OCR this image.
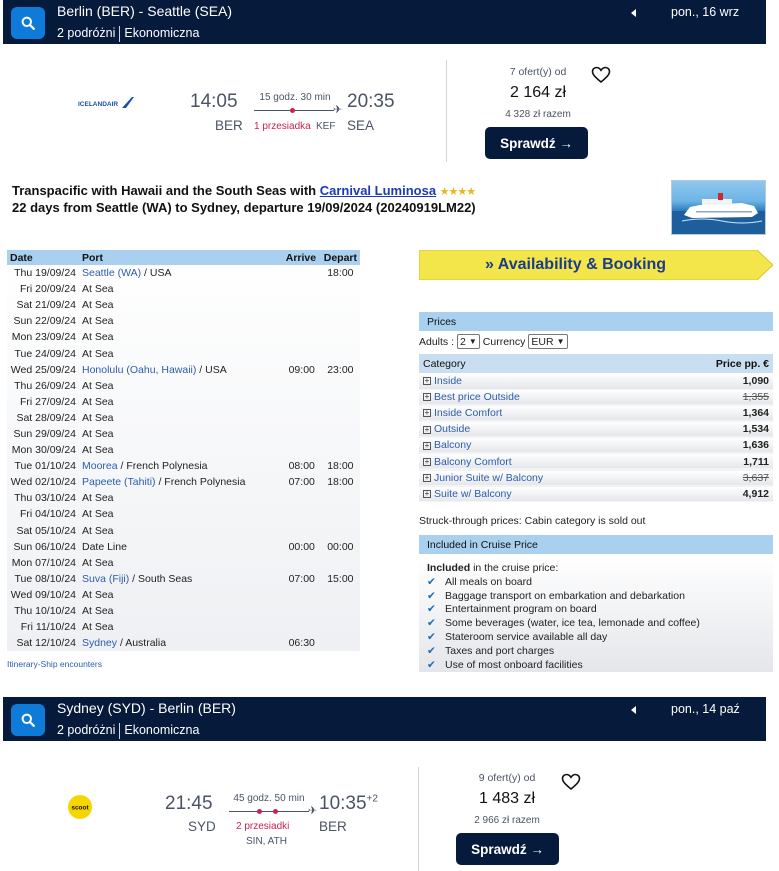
Berlin (BER) - Seattle (SEA)
2 podróżni Ekonomiczna
pon., 16 wrz
ICELANDAIR	14:05
BER
15 godz. 30 min
✈
1 przesiadka KEF
20:35
SEA
7 ofert(y) od
2 164 zł
4 328 zł razem
Sprawdź →
Transpacific with Hawaii and the South Seas with Carnival Luminosa ★★★★
22 days from Seattle (WA) to Sydney, departure 19/09/2024 (20240919LM22)
Date	Port	Arrive	Depart
Thu 19/09/24	Seattle (WA) / USA		18:00
Fri 20/09/24	At Sea		
Sat 21/09/24	At Sea		
Sun 22/09/24	At Sea		
Mon 23/09/24	At Sea		
Tue 24/09/24	At Sea		
Wed 25/09/24	Honolulu (Oahu, Hawaii) / USA	09:00	23:00
Thu 26/09/24	At Sea		
Fri 27/09/24	At Sea		
Sat 28/09/24	At Sea		
Sun 29/09/24	At Sea		
Mon 30/09/24	At Sea		
Tue 01/10/24	Moorea / French Polynesia	08:00	18:00
Wed 02/10/24	Papeete (Tahiti) / French Polynesia	07:00	18:00
Thu 03/10/24	At Sea		
Fri 04/10/24	At Sea		
Sat 05/10/24	At Sea		
Sun 06/10/24	Date Line	00:00	00:00
Mon 07/10/24	At Sea		
Tue 08/10/24	Suva (Fiji) / South Seas	07:00	15:00
Wed 09/10/24	At Sea		
Thu 10/10/24	At Sea		
Fri 11/10/24	At Sea		
Sat 12/10/24	Sydney / Australia	06:30	
Itinerary-Ship encounters
» Availability & Booking
Prices
Adults : 2 ▼ Currency EUR ▼
Category	Price pp. €
+ Inside	1,090
+ Best price Outside	1,355
+ Inside Comfort	1,364
+ Outside	1,534
+ Balcony	1,636
+ Balcony Comfort	1,711
+ Junior Suite w/ Balcony	3,637
+ Suite w/ Balcony	4,912
Struck-through prices: Cabin category is sold out
Included in Cruise Price
Included in the cruise price:
✔ All meals on board
✔ Baggage transport on embarkation and debarkation
✔ Entertainment program on board
✔ Some beverages (water, ice tea, lemonade and coffee)
✔ Stateroom service available all day
✔ Taxes and port charges
✔ Use of most onboard facilities
Sydney (SYD) - Berlin (BER)
2 podróżni Ekonomiczna
pon., 14 paź
scoot	21:45
SYD
45 godz. 50 min
✈
2 przesiadki
SIN, ATH
$10:35^{+2}$
BER
9 ofert(y) od
1 483 zł
2 966 zł razem
Sprawdź →
